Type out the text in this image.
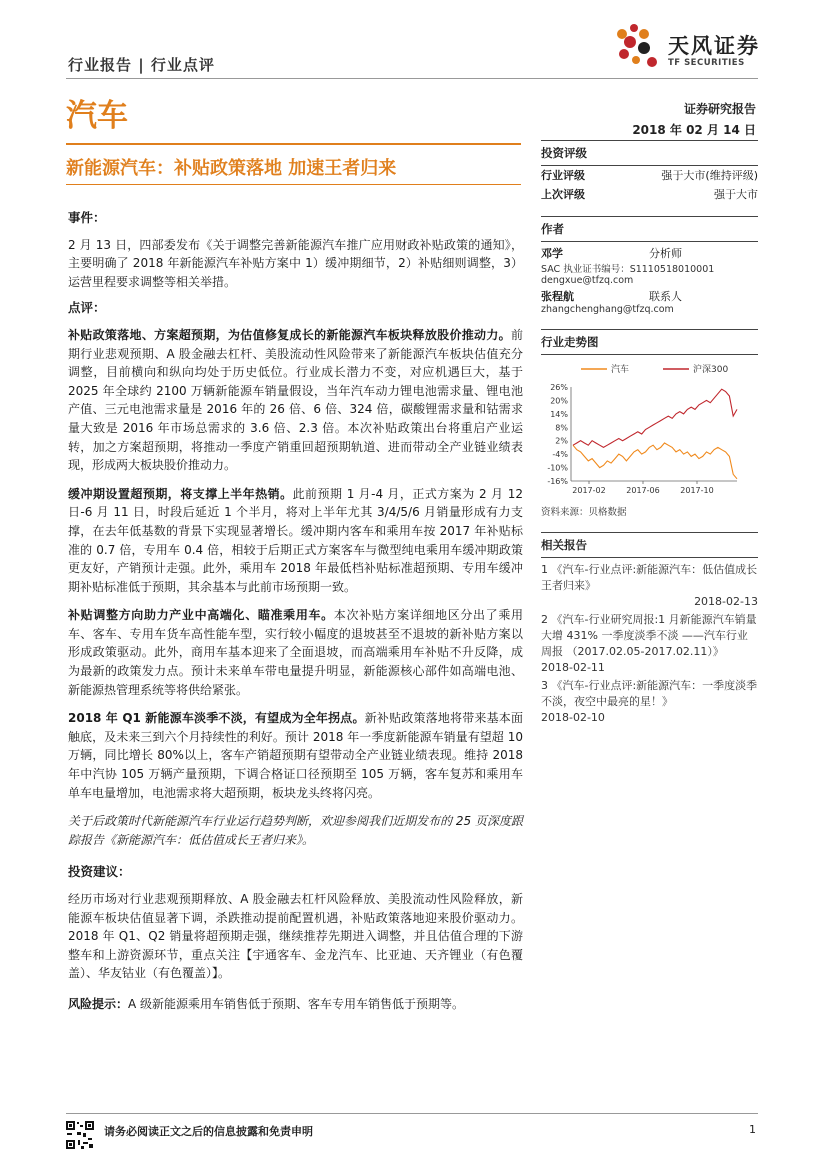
行业报告 | 行业点评
天风证券
TF SECURITIES
汽车	证券研究报告
2018 年 02 月 14 日
新能源汽车：补贴政策落地 加速王者归来

事件：

2 月 13 日，四部委发布《关于调整完善新能源汽车推广应用财政补贴政策的通知》，主要明确了 2018 年新能源汽车补贴方案中 1）缓冲期细节，2）补贴细则调整，3）运营里程要求调整等相关举措。

点评：

补贴政策落地、方案超预期，为估值修复成长的新能源汽车板块释放股价推动力。前期行业悲观预期、A 股金融去杠杆、美股流动性风险带来了新能源汽车板块估值充分调整，目前横向和纵向均处于历史低位。行业成长潜力不变，对应机遇巨大，基于 2025 年全球约 2100 万辆新能源车销量假设，当年汽车动力锂电池需求量、锂电池产值、三元电池需求量是 2016 年的 26 倍、6 倍、324 倍，碳酸锂需求量和钴需求量大致是 2016 年市场总需求的 3.6 倍、2.3 倍。本次补贴政策出台将重启产业运转，加之方案超预期，将推动一季度产销重回超预期轨道、进而带动全产业链业绩表现，形成两大板块股价推动力。

缓冲期设置超预期，将支撑上半年热销。此前预期 1 月-4 月，正式方案为 2 月 12 日-6 月 11 日，时段后延近 1 个半月，将对上半年尤其 3/4/5/6 月销量形成有力支撑，在去年低基数的背景下实现显著增长。缓冲期内客车和乘用车按 2017 年补贴标准的 0.7 倍，专用车 0.4 倍，相较于后期正式方案客车与微型纯电乘用车缓冲期政策更友好，产销预计走强。此外，乘用车 2018 年最低档补贴标准超预期、专用车缓冲期补贴标准低于预期，其余基本与此前市场预期一致。

补贴调整方向助力产业中高端化、瞄准乘用车。本次补贴方案详细地区分出了乘用车、客车、专用车货车高性能车型，实行较小幅度的退坡甚至不退坡的新补贴方案以形成政策驱动。此外，商用车基本迎来了全面退坡，而高端乘用车补贴不升反降，成为最新的政策发力点。预计未来单车带电量提升明显，新能源核心部件如高端电池、新能源热管理系统等将供给紧张。

2018 年 Q1 新能源车淡季不淡，有望成为全年拐点。新补贴政策落地将带来基本面触底，及未来三到六个月持续性的利好。预计 2018 年一季度新能源车销量有望超 10 万辆，同比增长 80%以上，客车产销超预期有望带动全产业链业绩表现。维持 2018 年中汽协 105 万辆产量预期，下调合格证口径预期至 105 万辆，客车复苏和乘用车单车电量增加，电池需求将大超预期，板块龙头终将闪亮。

关于后政策时代新能源汽车行业运行趋势判断，欢迎参阅我们近期发布的 25 页深度跟踪报告《新能源汽车：低估值成长王者归来》。

投资建议：

经历市场对行业悲观预期释放、A 股金融去杠杆风险释放、美股流动性风险释放，新能源车板块估值显著下调，杀跌推动提前配置机遇，补贴政策落地迎来股价驱动力。2018 年 Q1、Q2 销量将超预期走强，继续推荐先期进入调整，并且估值合理的下游整车和上游资源环节，重点关注【宇通客车、金龙汽车、比亚迪、天齐锂业（有色覆盖）、华友钴业（有色覆盖）】。

风险提示：A 级新能源乘用车销售低于预期、客车专用车销售低于预期等。

投资评级
行业评级	强于大市(维持评级)
上次评级	强于大市
作者
邓学	分析师
SAC 执业证书编号：S1110518010001
dengxue@tfzq.com
张程航	联系人
zhangchenghang@tfzq.com
行业走势图
汽车	沪深300
26%
20%
14%
8%
2%
-4%
-10%
-16%
2017-02	2017-06	2017-10
资料来源：贝格数据
相关报告
1 《汽车-行业点评:新能源汽车：低估值成长王者归来》
2018-02-13
2 《汽车-行业研究周报:1 月新能源汽车销量大增 431% 一季度淡季不淡 ——汽车行业周报 （2017.02.05-2017.02.11）》
2018-02-11
3 《汽车-行业点评:新能源汽车：一季度淡季不淡，夜空中最亮的星！》
2018-02-10
请务必阅读正文之后的信息披露和免责申明	1
